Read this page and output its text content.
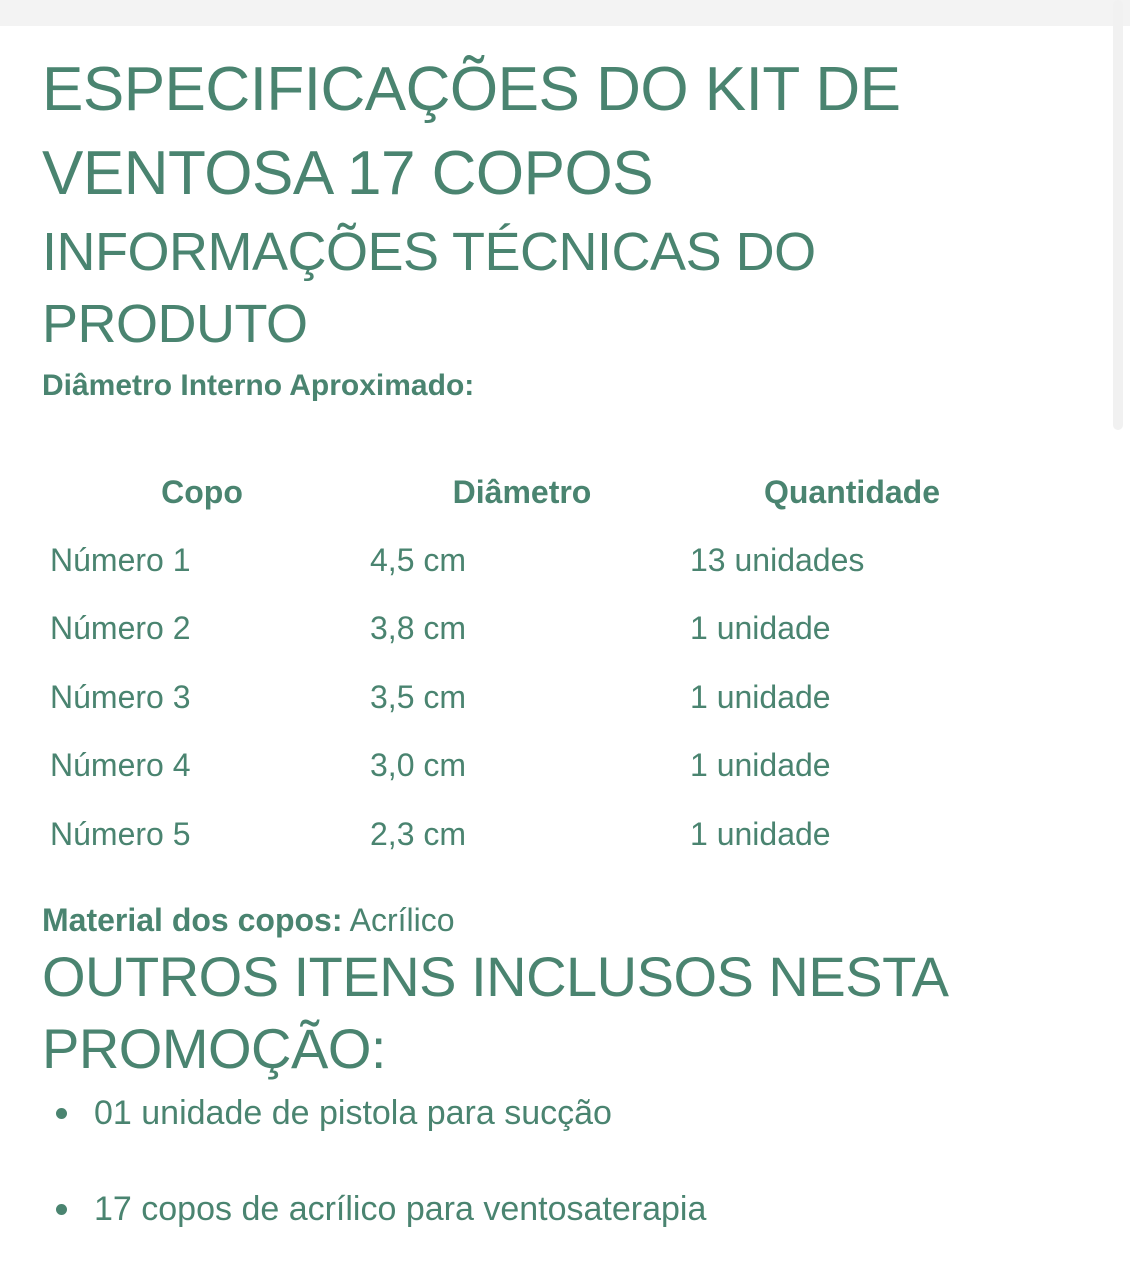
ESPECIFICAÇÕES DO KIT DE
VENTOSA 17 COPOS
INFORMAÇÕES TÉCNICAS DO
PRODUTO
Diâmetro Interno Aproximado:
Copo	Diâmetro	Quantidade
Número 1	4,5 cm	13 unidades
Número 2	3,8 cm	1 unidade
Número 3	3,5 cm	1 unidade
Número 4	3,0 cm	1 unidade
Número 5	2,3 cm	1 unidade

Material dos copos: Acrílico

OUTROS ITENS INCLUSOS NESTA
PROMOÇÃO:
01 unidade de pistola para sucção
17 copos de acrílico para ventosaterapia
